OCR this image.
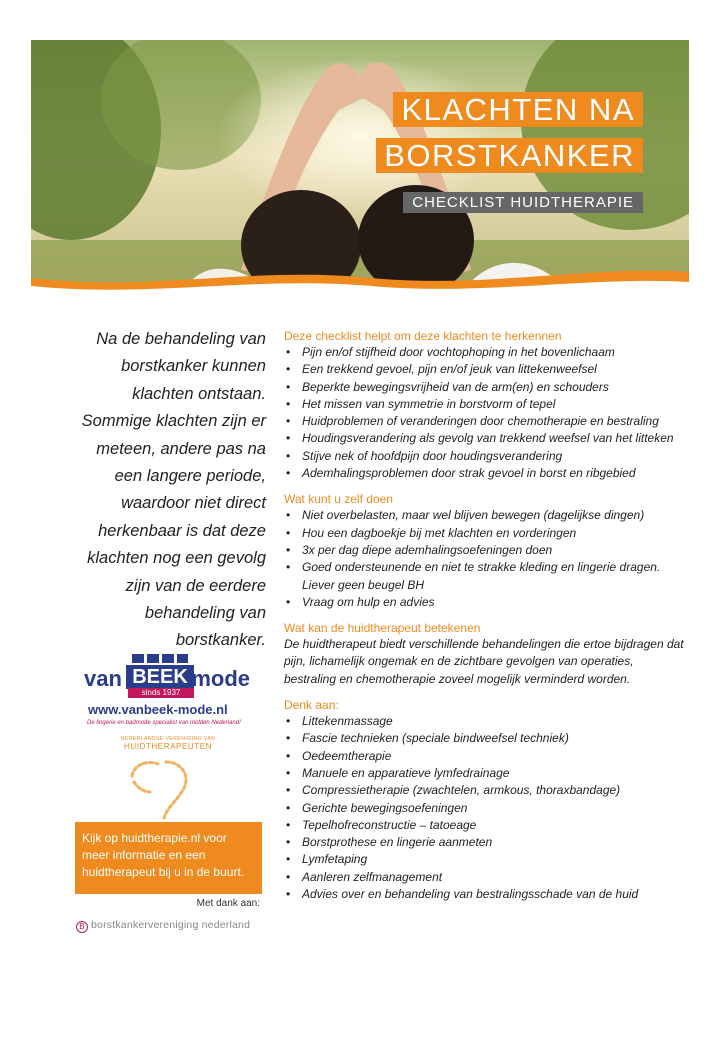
KLACHTEN NA
BORSTKANKER
CHECKLIST HUIDTHERAPIE
Na de behandeling van borstkanker kunnen klachten ontstaan. Sommige klachten zijn er meteen, andere pas na een langere periode, waardoor niet direct herkenbaar is dat deze klachten nog een gevolg zijn van de eerdere behandeling van borstkanker.
van BEEK
sinds 1937
mode
www.vanbeek-mode.nl
De lingerie en badmode specialist van midden Nederland!
NEDERLANDSE VERENIGING VAN
HUIDTHERAPEUTEN
Kijk op huidtherapie.nl voor meer informatie en een huidtherapeut bij u in de buurt.
Met dank aan:
B borstkankervereniging nederland
Deze checklist helpt om deze klachten te herkennen
• Pijn en/of stijfheid door vochtophoping in het bovenlichaam
• Een trekkend gevoel, pijn en/of jeuk van littekenweefsel
• Beperkte bewegingsvrijheid van de arm(en) en schouders
• Het missen van symmetrie in borstvorm of tepel
• Huidproblemen of veranderingen door chemotherapie en bestraling
• Houdingsverandering als gevolg van trekkend weefsel van het litteken
• Stijve nek of hoofdpijn door houdingsverandering
• Ademhalingsproblemen door strak gevoel in borst en ribgebied
Wat kunt u zelf doen
• Niet overbelasten, maar wel blijven bewegen (dagelijkse dingen)
• Hou een dagboekje bij met klachten en vorderingen
• 3x per dag diepe ademhalingsoefeningen doen
• Goed ondersteunende en niet te strakke kleding en lingerie dragen. Liever geen beugel BH
• Vraag om hulp en advies
Wat kan de huidtherapeut betekenen

De huidtherapeut biedt verschillende behandelingen die ertoe bijdragen dat pijn, lichamelijk ongemak en de zichtbare gevolgen van operaties, bestraling en chemotherapie zoveel mogelijk verminderd worden.

Denk aan:
• Littekenmassage
• Fascie technieken (speciale bindweefsel techniek)
• Oedeemtherapie
• Manuele en apparatieve lymfedrainage
• Compressietherapie (zwachtelen, armkous, thoraxbandage)
• Gerichte bewegingsoefeningen
• Tepelhofreconstructie – tatoeage
• Borstprothese en lingerie aanmeten
• Lymfetaping
• Aanleren zelfmanagement
• Advies over en behandeling van bestralingsschade van de huid
